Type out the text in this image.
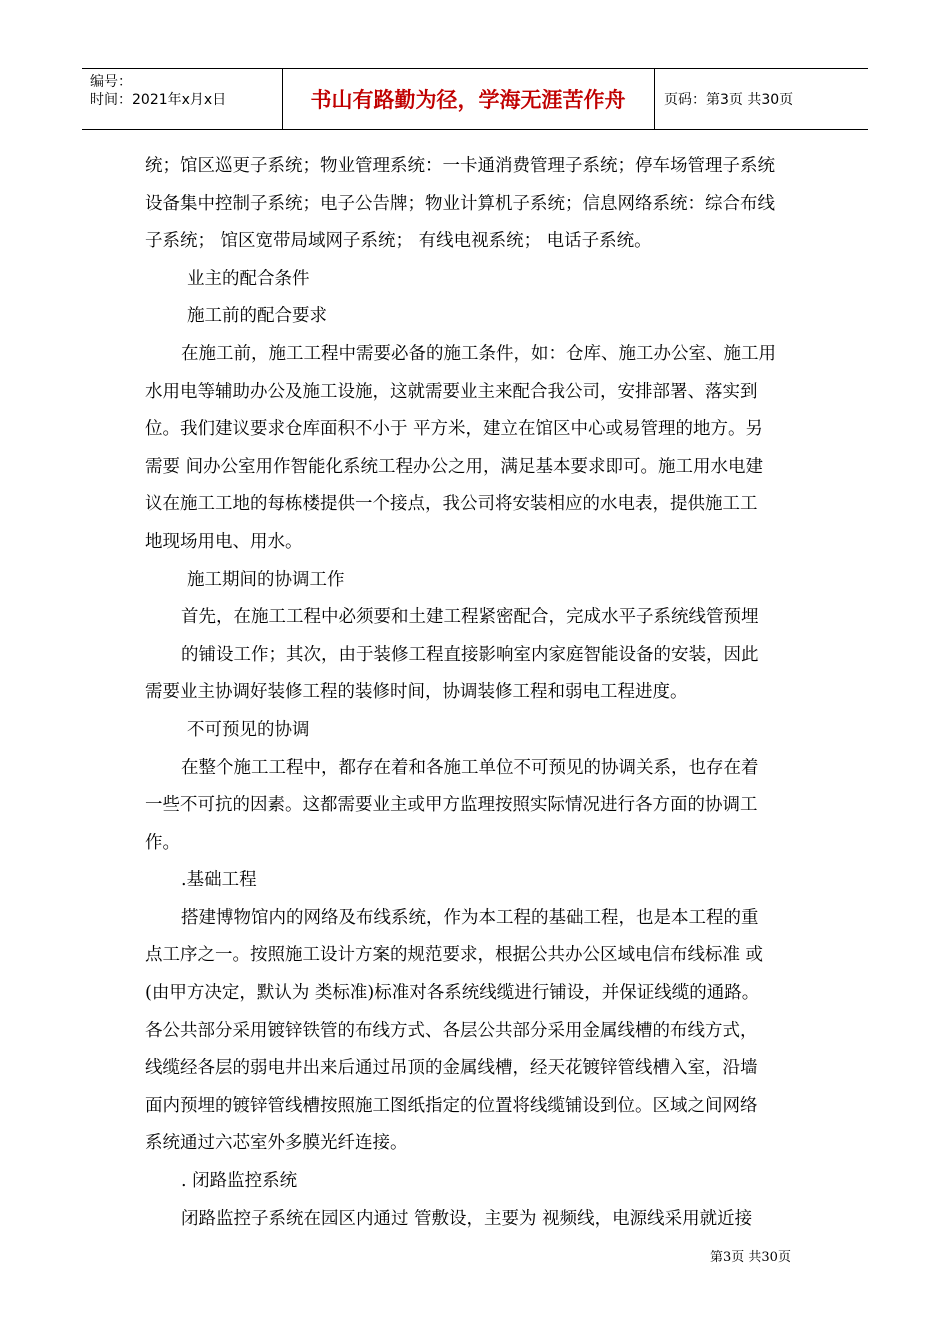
编号：
时间：2021年x月x日	书山有路勤为径，学海无涯苦作舟	页码：第3页 共30页
统；馆区巡更子系统；物业管理系统：一卡通消费管理子系统；停车场管理子系统
设备集中控制子系统；电子公告牌；物业计算机子系统；信息网络系统：综合布线
子系统； 馆区宽带局域网子系统； 有线电视系统； 电话子系统。
业主的配合条件
施工前的配合要求
在施工前，施工工程中需要必备的施工条件，如：仓库、施工办公室、施工用
水用电等辅助办公及施工设施，这就需要业主来配合我公司，安排部署、落实到
位。我们建议要求仓库面积不小于 平方米，建立在馆区中心或易管理的地方。另
需要 间办公室用作智能化系统工程办公之用，满足基本要求即可。施工用水电建
议在施工工地的每栋楼提供一个接点，我公司将安装相应的水电表，提供施工工
地现场用电、用水。
施工期间的协调工作
首先，在施工工程中必须要和土建工程紧密配合，完成水平子系统线管预埋
的铺设工作；其次，由于装修工程直接影响室内家庭智能设备的安装，因此
需要业主协调好装修工程的装修时间，协调装修工程和弱电工程进度。
不可预见的协调
在整个施工工程中，都存在着和各施工单位不可预见的协调关系，也存在着
一些不可抗的因素。这都需要业主或甲方监理按照实际情况进行各方面的协调工
作。
.基础工程
搭建博物馆内的网络及布线系统，作为本工程的基础工程，也是本工程的重
点工序之一。按照施工设计方案的规范要求，根据公共办公区域电信布线标准 或
(由甲方决定，默认为 类标准)标准对各系统线缆进行铺设，并保证线缆的通路。
各公共部分采用镀锌铁管的布线方式、各层公共部分采用金属线槽的布线方式，
线缆经各层的弱电井出来后通过吊顶的金属线槽，经天花镀锌管线槽入室，沿墙
面内预埋的镀锌管线槽按照施工图纸指定的位置将线缆铺设到位。区域之间网络
系统通过六芯室外多膜光纤连接。
. 闭路监控系统
闭路监控子系统在园区内通过 管敷设，主要为 视频线，电源线采用就近接
第3页 共30页
